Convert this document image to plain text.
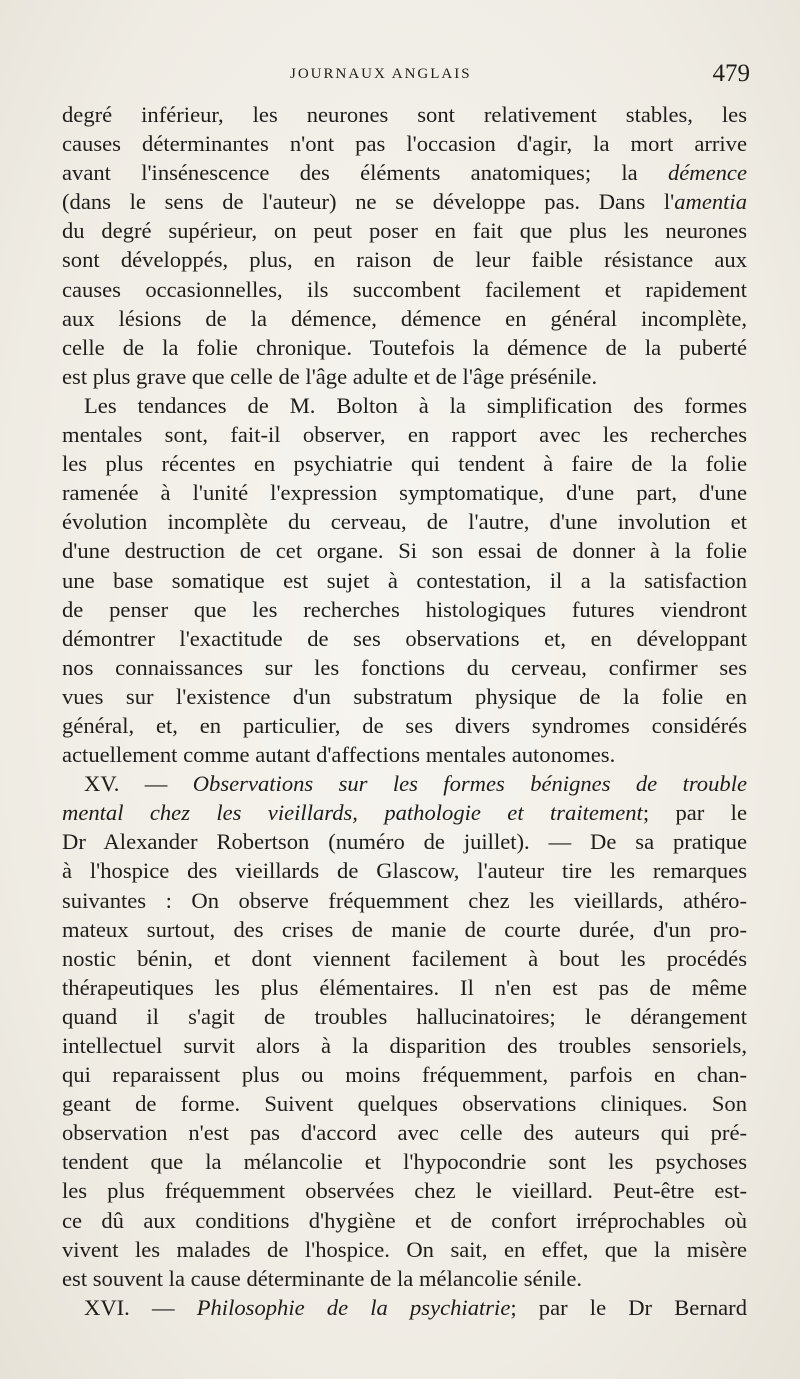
JOURNAUX ANGLAIS	479
degré inférieur, les neurones sont relativement stables, les
causes déterminantes n'ont pas l'occasion d'agir, la mort arrive
avant l'insénescence des éléments anatomiques; la démence
(dans le sens de l'auteur) ne se développe pas. Dans l'amentia
du degré supérieur, on peut poser en fait que plus les neurones
sont développés, plus, en raison de leur faible résistance aux
causes occasionnelles, ils succombent facilement et rapidement
aux lésions de la démence, démence en général incomplète,
celle de la folie chronique. Toutefois la démence de la puberté
est plus grave que celle de l'âge adulte et de l'âge présénile.
Les tendances de M. Bolton à la simplification des formes
mentales sont, fait-il observer, en rapport avec les recherches
les plus récentes en psychiatrie qui tendent à faire de la folie
ramenée à l'unité l'expression symptomatique, d'une part, d'une
évolution incomplète du cerveau, de l'autre, d'une involution et
d'une destruction de cet organe. Si son essai de donner à la folie
une base somatique est sujet à contestation, il a la satisfaction
de penser que les recherches histologiques futures viendront
démontrer l'exactitude de ses observations et, en développant
nos connaissances sur les fonctions du cerveau, confirmer ses
vues sur l'existence d'un substratum physique de la folie en
général, et, en particulier, de ses divers syndromes considérés
actuellement comme autant d'affections mentales autonomes.
XV. — Observations sur les formes bénignes de trouble
mental chez les vieillards, pathologie et traitement; par le
Dr Alexander Robertson (numéro de juillet). — De sa pratique
à l'hospice des vieillards de Glascow, l'auteur tire les remarques
suivantes : On observe fréquemment chez les vieillards, athéro-
mateux surtout, des crises de manie de courte durée, d'un pro-
nostic bénin, et dont viennent facilement à bout les procédés
thérapeutiques les plus élémentaires. Il n'en est pas de même
quand il s'agit de troubles hallucinatoires; le dérangement
intellectuel survit alors à la disparition des troubles sensoriels,
qui reparaissent plus ou moins fréquemment, parfois en chan-
geant de forme. Suivent quelques observations cliniques. Son
observation n'est pas d'accord avec celle des auteurs qui pré-
tendent que la mélancolie et l'hypocondrie sont les psychoses
les plus fréquemment observées chez le vieillard. Peut-être est-
ce dû aux conditions d'hygiène et de confort irréprochables où
vivent les malades de l'hospice. On sait, en effet, que la misère
est souvent la cause déterminante de la mélancolie sénile.
XVI. — Philosophie de la psychiatrie; par le Dr Bernard
